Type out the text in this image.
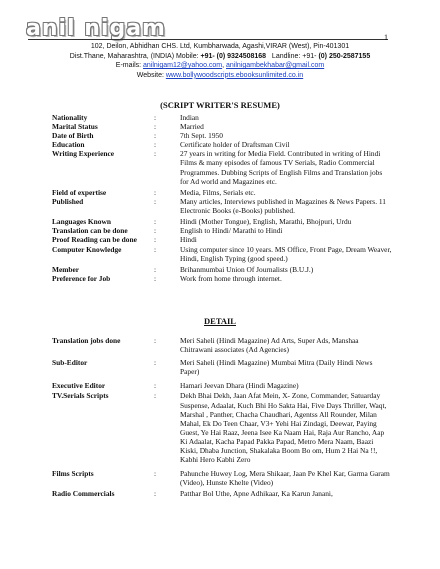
anil nigam	1
102, Deilon, Abhidhan CHS. Ltd, Kumbharwada, Agashi,VIRAR (West), Pin-401301
Dist.Thane, Maharashtra, (INDIA) Mobile: +91- (0) 9324508168 Landline: +91- (0) 250-2587155
E-mails: anilnigam12@yahoo.com, anilnigambekhabar@gmail.com
Website: www.bollywoodscripts.ebooksunlimited.co.in
(SCRIPT WRITER'S RESUME)
Nationality	:	Indian
Marital Status	:	Married
Date of Birth	:	7th Sept. 1950
Education	:	Certificate holder of Draftsman Civil
Writing Experience	:	27 years in writing for Media Field. Contributed in writing of Hindi Films & many episodes of famous TV Serials, Radio Commercial Programmes. Dubbing Scripts of English Films and Translation jobs for Ad world and Magazines etc.
Field of expertise	:	Media, Films, Serials etc.
Published	:	Many articles, Interviews published in Magazines & News Papers. 11 Electronic Books (e-Books) published.
Languages Known	:	Hindi (Mother Tongue), English, Marathi, Bhojpuri, Urdu
Translation can be done	:	English to Hindi/ Marathi to Hindi
Proof Reading can be done :	Hindi
Computer Knowledge	:	Using computer since 10 years. MS Office, Front Page, Dream Weaver, Hindi, English Typing (good speed.)
Member	:	Brihanmumbai Union Of Journalists (B.U.J.)
Preference for Job	:	Work from home through internet.
DETAIL
Translation jobs done	:	Meri Saheli (Hindi Magazine) Ad Arts, Super Ads, Manshaa Chitrawani associates (Ad Agencies)
Sub-Editor	:	Meri Saheli (Hindi Magazine) Mumbai Mitra (Daily Hindi News Paper)
Executive Editor	:	Hamari Jeevan Dhara (Hindi Magazine)
TV.Serials Scripts	:	Dekh Bhai Dekh, Jaan Afat Mein, X- Zone, Commander, Satuarday Suspense, Adaalat, Kuch Bhi Ho Sakta Hai, Five Days Thriller, Waqt, Marshal , Panther, Chacha Chaudhari, Agentss All Rounder, Milan Mahal, Ek Do Teen Chaar, V3+ Yehi Hai Zindagi, Deewar, Paying Guest, Ye Hai Raaz, Jeena Isee Ka Naam Hai, Raja Aur Rancho, Aap Ki Adaalat, Kacha Papad Pakka Papad, Metro Mera Naam, Baazi Kiski, Dhaba Junction, Shakalaka Boom Bo om, Hum 2 Hai Na !!, Kabhi Hero Kabhi Zero
Films Scripts	:	Pahunche Huwey Log, Mera Shikaar, Jaan Pe Khel Kar, Garma Garam (Video), Hunste Khelte (Video)
Radio Commercials	:	Patthar Bol Uthe, Apne Adhikaar, Ka Karun Janani,
